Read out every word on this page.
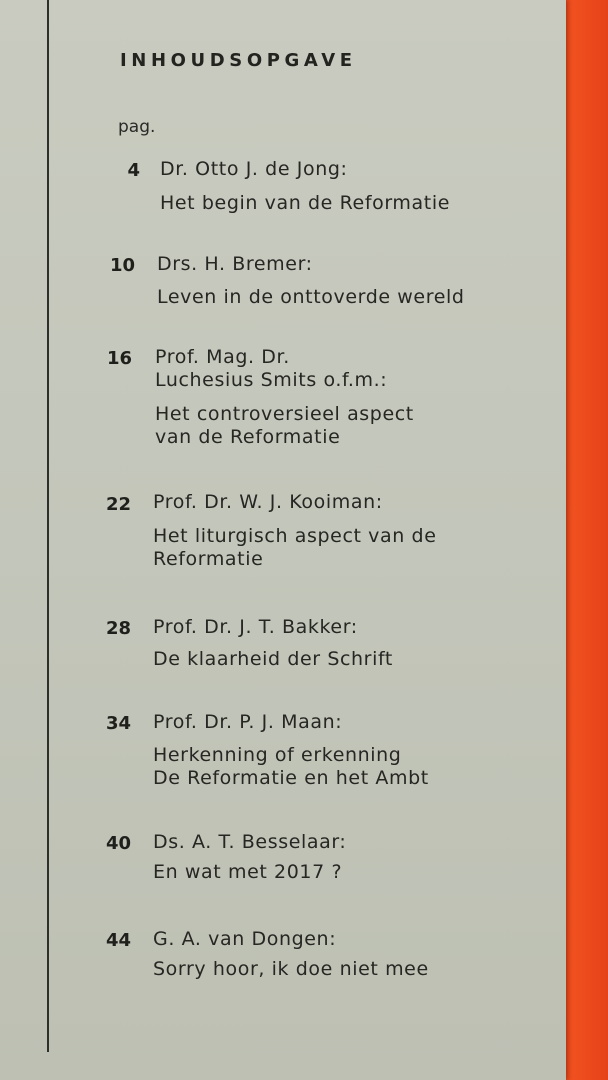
INHOUDSOPGAVE
pag.
4 Dr. Otto J. de Jong:
Het begin van de Reformatie
10 Drs. H. Bremer:
Leven in de onttoverde wereld
16 Prof. Mag. Dr.
Luchesius Smits o.f.m.:
Het controversieel aspect
van de Reformatie
22 Prof. Dr. W. J. Kooiman:
Het liturgisch aspect van de
Reformatie
28 Prof. Dr. J. T. Bakker:
De klaarheid der Schrift
34 Prof. Dr. P. J. Maan:
Herkenning of erkenning
De Reformatie en het Ambt
40 Ds. A. T. Besselaar:
En wat met 2017 ?
44 G. A. van Dongen:
Sorry hoor, ik doe niet mee
